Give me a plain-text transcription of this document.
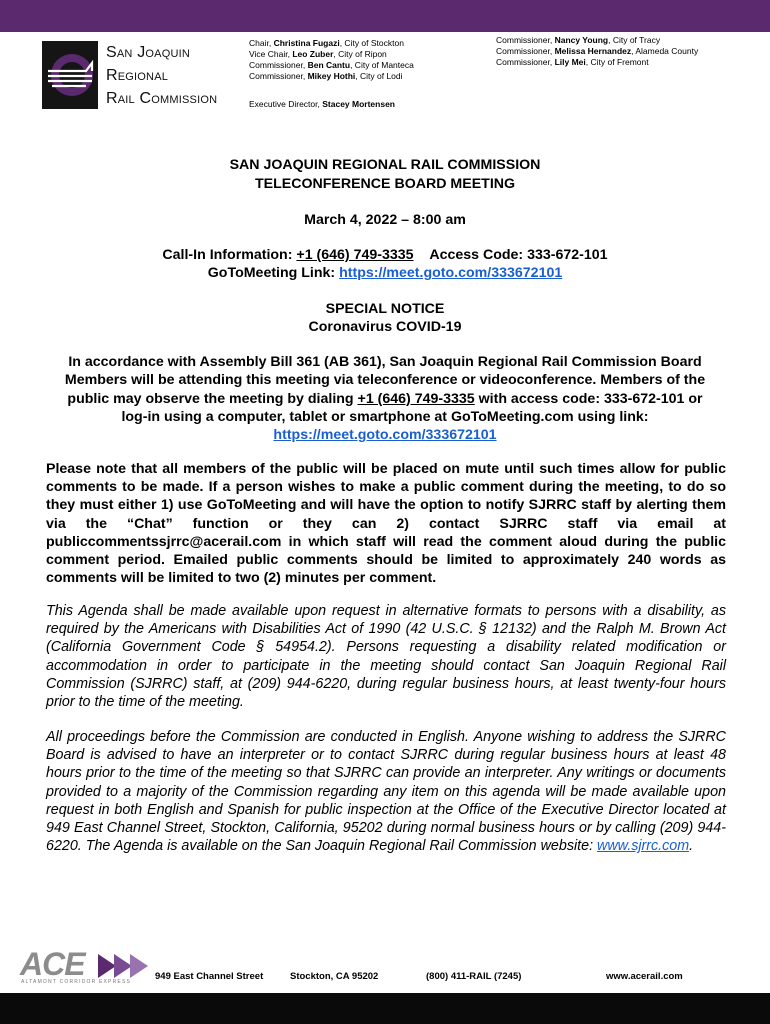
San Joaquin
Regional
Rail Commission
Chair, Christina Fugazi, City of Stockton
Vice Chair, Leo Zuber, City of Ripon
Commissioner, Ben Cantu, City of Manteca
Commissioner, Mikey Hothi, City of Lodi
Commissioner, Nancy Young, City of Tracy
Commissioner, Melissa Hernandez, Alameda County
Commissioner, Lily Mei, City of Fremont
Executive Director, Stacey Mortensen
SAN JOAQUIN REGIONAL RAIL COMMISSION
TELECONFERENCE BOARD MEETING
March 4, 2022 – 8:00 am
Call-In Information: +1 (646) 749-3335 Access Code: 333-672-101
GoToMeeting Link: https://meet.goto.com/333672101
SPECIAL NOTICE
Coronavirus COVID-19
In accordance with Assembly Bill 361 (AB 361), San Joaquin Regional Rail Commission Board Members will be attending this meeting via teleconference or videoconference. Members of the public may observe the meeting by dialing +1 (646) 749-3335 with access code: 333-672-101 or log-in using a computer, tablet or smartphone at GoToMeeting.com using link: https://meet.goto.com/333672101
Please note that all members of the public will be placed on mute until such times allow for public comments to be made. If a person wishes to make a public comment during the meeting, to do so they must either 1) use GoToMeeting and will have the option to notify SJRRC staff by alerting them via the “Chat” function or they can 2) contact SJRRC staff via email at publiccommentssjrrc@acerail.com in which staff will read the comment aloud during the public comment period. Emailed public comments should be limited to approximately 240 words as comments will be limited to two (2) minutes per comment.
This Agenda shall be made available upon request in alternative formats to persons with a disability, as required by the Americans with Disabilities Act of 1990 (42 U.S.C. § 12132) and the Ralph M. Brown Act (California Government Code § 54954.2). Persons requesting a disability related modification or accommodation in order to participate in the meeting should contact San Joaquin Regional Rail Commission (SJRRC) staff, at (209) 944-6220, during regular business hours, at least twenty-four hours prior to the time of the meeting.
All proceedings before the Commission are conducted in English. Anyone wishing to address the SJRRC Board is advised to have an interpreter or to contact SJRRC during regular business hours at least 48 hours prior to the time of the meeting so that SJRRC can provide an interpreter. Any writings or documents provided to a majority of the Commission regarding any item on this agenda will be made available upon request in both English and Spanish for public inspection at the Office of the Executive Director located at 949 East Channel Street, Stockton, California, 95202 during normal business hours or by calling (209) 944-6220. The Agenda is available on the San Joaquin Regional Rail Commission website: www.sjrrc.com.
ACE
ALTAMONT CORRIDOR EXPRESS	949 East Channel Street	Stockton, CA 95202	(800) 411-RAIL (7245)	www.acerail.com
